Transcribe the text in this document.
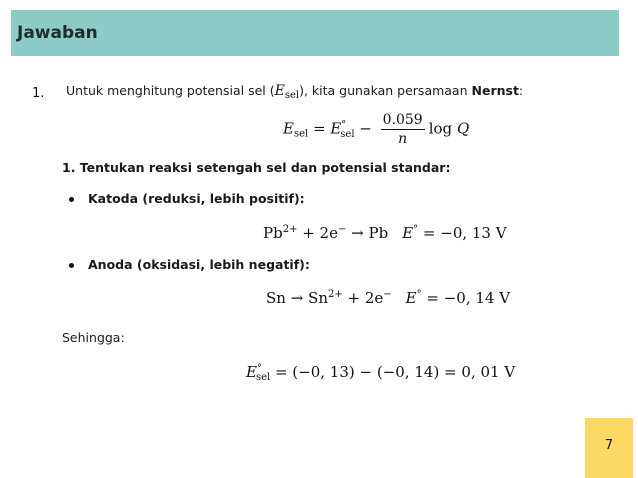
Jawaban
1. Untuk menghitung potensial sel $(E_{sel})$, kita gunakan persamaan Nernst:
$E_{sel} = E^\circ_{sel} - \frac{0.059}{n}$ log Q
1. Tentukan reaksi setengah sel dan potensial standar:
Katoda (reduksi, lebih positif):
$Pb^{2+} + 2e^- \to Pb$ E° = −0, 13 V
Anoda (oksidasi, lebih negatif):
$Sn \to Sn^{2+} + 2e^-$ E° = −0, 14 V
Sehingga:
$E^\circ_{sel} = (-0$, 13) − (−0, 14) = 0, 01 V
7
